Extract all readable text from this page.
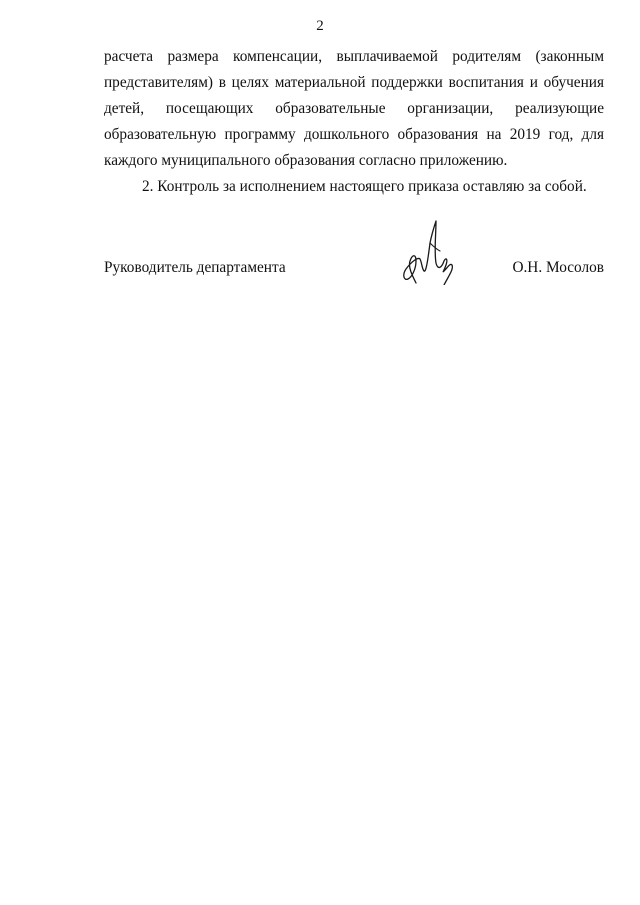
2

расчета размера компенсации, выплачиваемой родителям (законным
представителям) в целях материальной поддержки воспитания и обучения
детей, посещающих образовательные организации, реализующие
образовательную программу дошкольного образования на 2019 год, для
каждого муниципального образования согласно приложению.

2. Контроль за исполнением настоящего приказа оставляю за собой.

Руководитель департамента	О.Н. Мосолов
